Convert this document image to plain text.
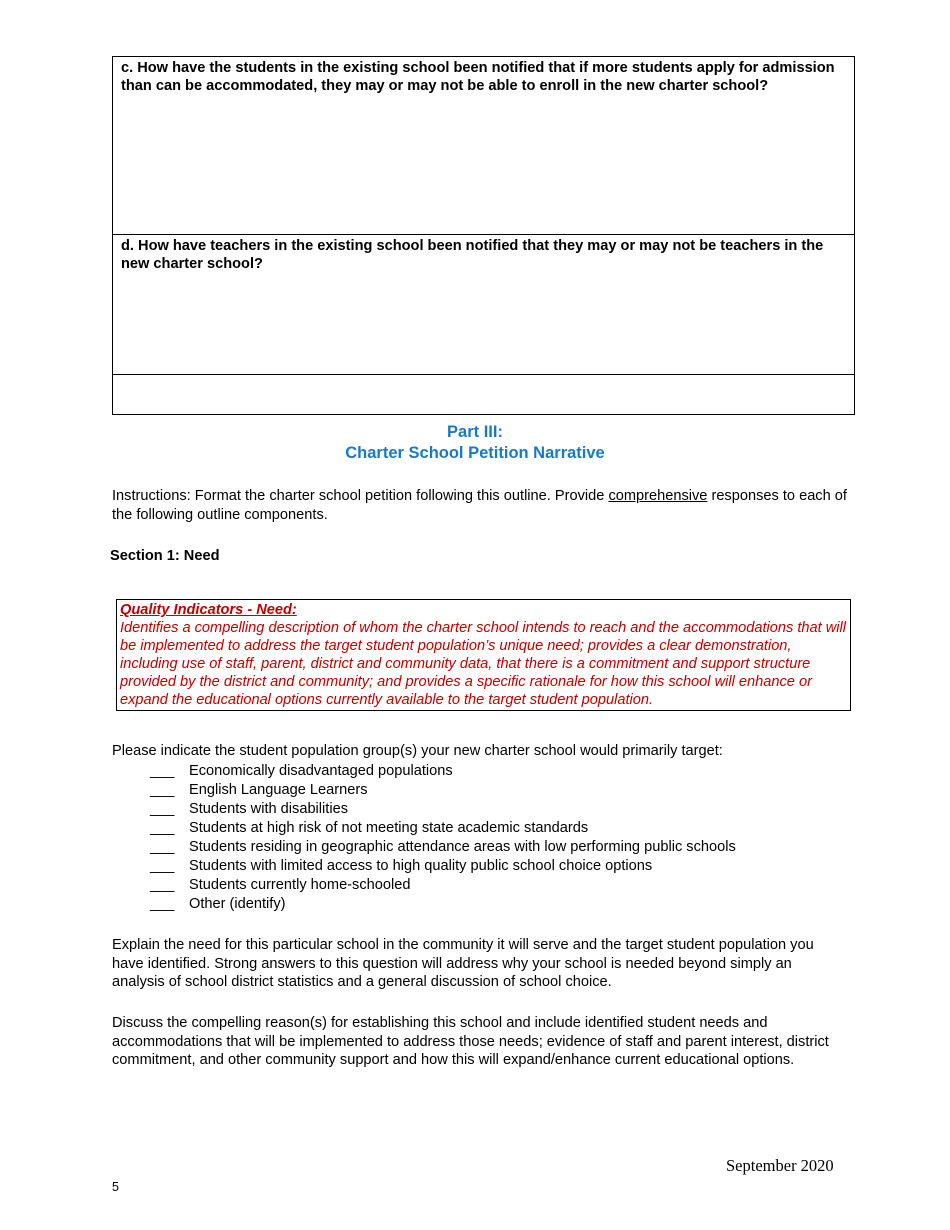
c. How have the students in the existing school been notified that if more students apply for admission than can be accommodated, they may or may not be able to enroll in the new charter school?
d. How have teachers in the existing school been notified that they may or may not be teachers in the new charter school?

Part III:
Charter School Petition Narrative
Instructions: Format the charter school petition following this outline. Provide comprehensive responses to each of the following outline components.
Section 1: Need
Quality Indicators - Need:
Identifies a compelling description of whom the charter school intends to reach and the accommodations that will be implemented to address the target student population’s unique need; provides a clear demonstration, including use of staff, parent, district and community data, that there is a commitment and support structure provided by the district and community; and provides a specific rationale for how this school will enhance or expand the educational options currently available to the target student population.
Please indicate the student population group(s) your new charter school would primarily target:
___	Economically disadvantaged populations
___	English Language Learners
___	Students with disabilities
___	Students at high risk of not meeting state academic standards
___	Students residing in geographic attendance areas with low performing public schools
___	Students with limited access to high quality public school choice options
___	Students currently home-schooled
___	Other (identify)
Explain the need for this particular school in the community it will serve and the target student population you have identified. Strong answers to this question will address why your school is needed beyond simply an analysis of school district statistics and a general discussion of school choice.
Discuss the compelling reason(s) for establishing this school and include identified student needs and accommodations that will be implemented to address those needs; evidence of staff and parent interest, district commitment, and other community support and how this will expand/enhance current educational options.
September 2020
5
